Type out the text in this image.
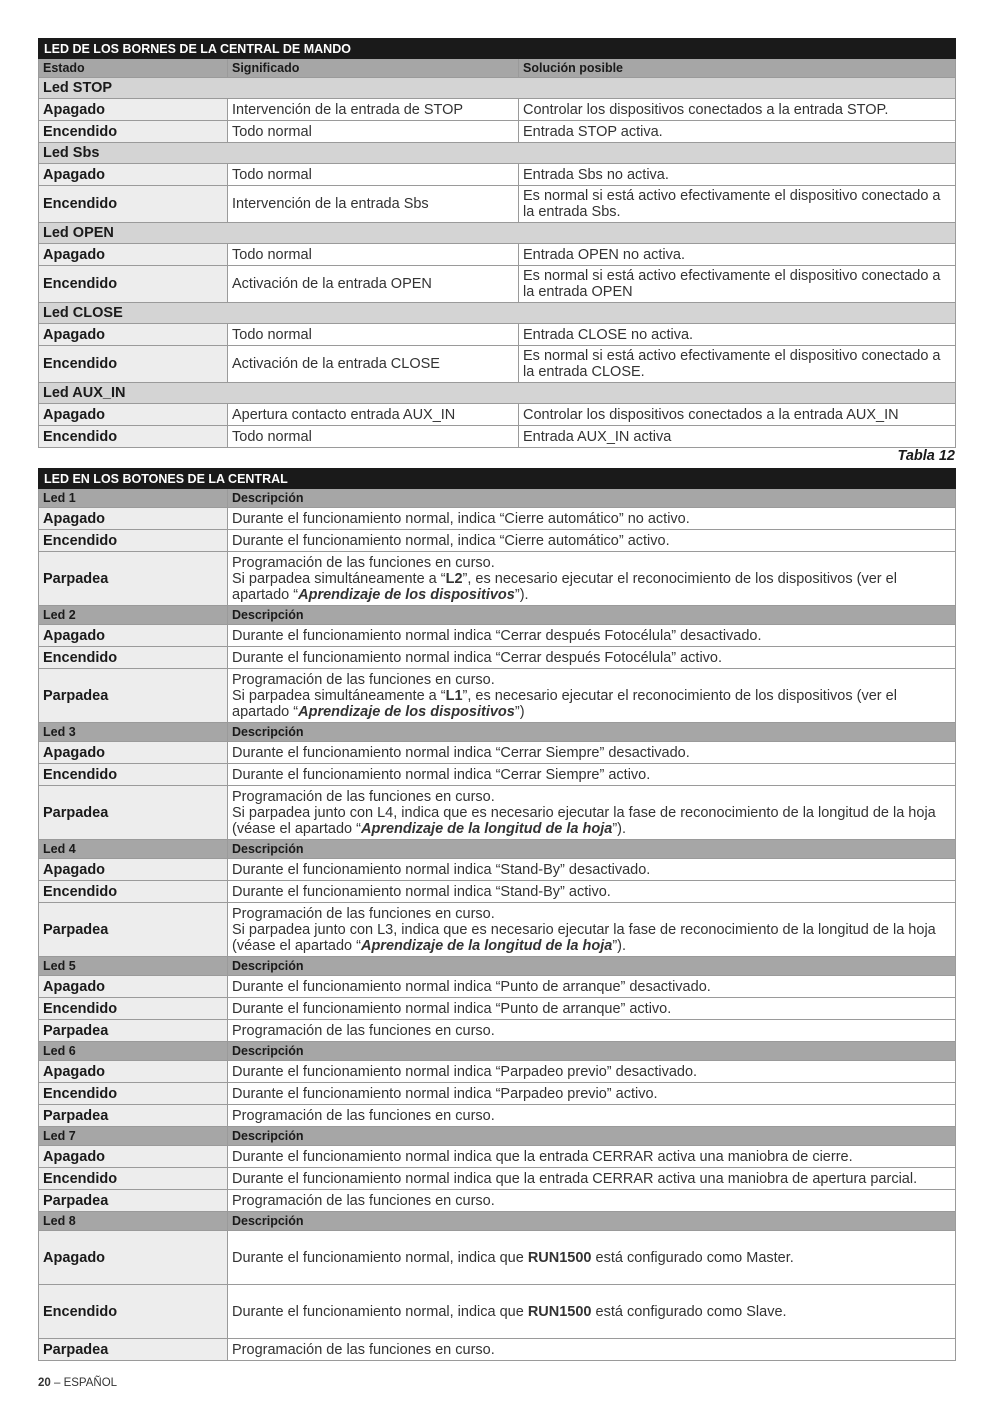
LED DE LOS BORNES DE LA CENTRAL DE MANDO		
Estado	Significado	Solución posible
Led STOP		
Apagado	Intervención de la entrada de STOP	Controlar los dispositivos conectados a la entrada STOP.
Encendido	Todo normal	Entrada STOP activa.
Led Sbs		
Apagado	Todo normal	Entrada Sbs no activa.
Encendido	Intervención de la entrada Sbs	Es normal si está activo efectivamente el dispositivo conectado a la entrada Sbs.
Led OPEN		
Apagado	Todo normal	Entrada OPEN no activa.
Encendido	Activación de la entrada OPEN	Es normal si está activo efectivamente el dispositivo conectado a la entrada OPEN
Led CLOSE		
Apagado	Todo normal	Entrada CLOSE no activa.
Encendido	Activación de la entrada CLOSE	Es normal si está activo efectivamente el dispositivo conectado a la entrada CLOSE.
Led AUX_IN		
Apagado	Apertura contacto entrada AUX_IN	Controlar los dispositivos conectados a la entrada AUX_IN
Encendido	Todo normal	Entrada AUX_IN activa
Tabla 12
LED EN LOS BOTONES DE LA CENTRAL	
Led 1	Descripción
Apagado	Durante el funcionamiento normal, indica “Cierre automático” no activo.
Encendido	Durante el funcionamiento normal, indica “Cierre automático” activo.
Parpadea	Programación de las funciones en curso.
Si parpadea simultáneamente a “L2”, es necesario ejecutar el reconocimiento de los dispositivos (ver el apartado “Aprendizaje de los dispositivos”).
Led 2	Descripción
Apagado	Durante el funcionamiento normal indica “Cerrar después Fotocélula” desactivado.
Encendido	Durante el funcionamiento normal indica “Cerrar después Fotocélula” activo.
Parpadea	Programación de las funciones en curso.
Si parpadea simultáneamente a “L1”, es necesario ejecutar el reconocimiento de los dispositivos (ver el apartado “Aprendizaje de los dispositivos”)
Led 3	Descripción
Apagado	Durante el funcionamiento normal indica “Cerrar Siempre” desactivado.
Encendido	Durante el funcionamiento normal indica “Cerrar Siempre” activo.
Parpadea	Programación de las funciones en curso.
Si parpadea junto con L4, indica que es necesario ejecutar la fase de reconocimiento de la longitud de la hoja (véase el apartado “Aprendizaje de la longitud de la hoja”).
Led 4	Descripción
Apagado	Durante el funcionamiento normal indica “Stand-By” desactivado.
Encendido	Durante el funcionamiento normal indica “Stand-By” activo.
Parpadea	Programación de las funciones en curso.
Si parpadea junto con L3, indica que es necesario ejecutar la fase de reconocimiento de la longitud de la hoja (véase el apartado “Aprendizaje de la longitud de la hoja”).
Led 5	Descripción
Apagado	Durante el funcionamiento normal indica “Punto de arranque” desactivado.
Encendido	Durante el funcionamiento normal indica “Punto de arranque” activo.
Parpadea	Programación de las funciones en curso.
Led 6	Descripción
Apagado	Durante el funcionamiento normal indica “Parpadeo previo” desactivado.
Encendido	Durante el funcionamiento normal indica “Parpadeo previo” activo.
Parpadea	Programación de las funciones en curso.
Led 7	Descripción
Apagado	Durante el funcionamiento normal indica que la entrada CERRAR activa una maniobra de cierre.
Encendido	Durante el funcionamiento normal indica que la entrada CERRAR activa una maniobra de apertura parcial.
Parpadea	Programación de las funciones en curso.
Led 8	Descripción
Apagado	Durante el funcionamiento normal, indica que RUN1500 está configurado como Master.
Encendido	Durante el funcionamiento normal, indica que RUN1500 está configurado como Slave.
Parpadea	Programación de las funciones en curso.
20 – ESPAÑOL
